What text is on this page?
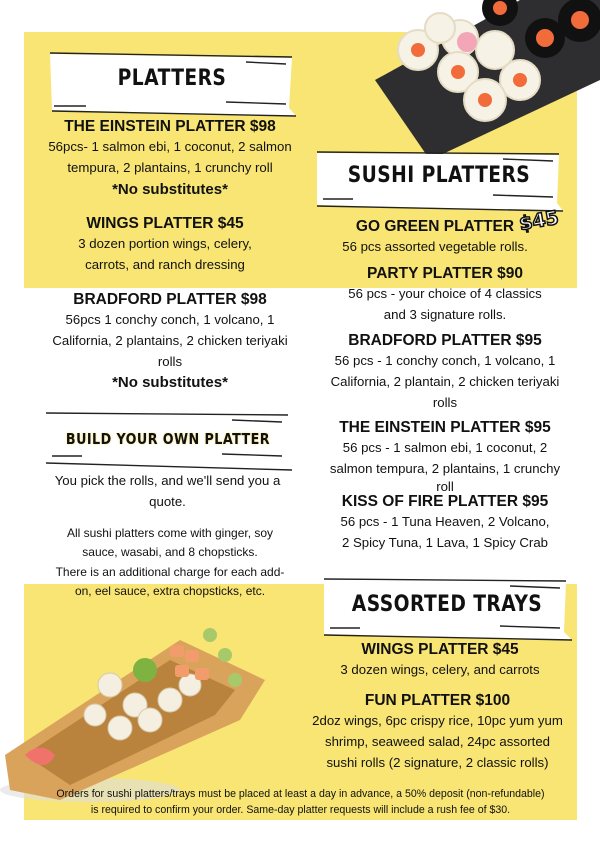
PLATTERS
SUSHI PLATTERS
$45
BUILD YOUR OWN PLATTER
ASSORTED TRAYS
THE EINSTEIN PLATTER $98
56pcs- 1 salmon ebi, 1 coconut, 2 salmon
tempura, 2 plantains, 1 crunchy roll
*No substitutes*
WINGS PLATTER $45
3 dozen portion wings, celery,
carrots, and ranch dressing
BRADFORD PLATTER $98
56pcs 1 conchy conch, 1 volcano, 1
California, 2 plantains, 2 chicken teriyaki
rolls
*No substitutes*
You pick the rolls, and we'll send you a
quote.
All sushi platters come with ginger, soy
sauce, wasabi, and 8 chopsticks.
There is an additional charge for each add-
on, eel sauce, extra chopsticks, etc.
GO GREEN PLATTER
56 pcs assorted vegetable rolls.
PARTY PLATTER $90
56 pcs - your choice of 4 classics
and 3 signature rolls.
BRADFORD PLATTER $95
56 pcs - 1 conchy conch, 1 volcano, 1
California, 2 plantain, 2 chicken teriyaki
rolls
THE EINSTEIN PLATTER $95
56 pcs - 1 salmon ebi, 1 coconut, 2
salmon tempura, 2 plantains, 1 crunchy
roll
KISS OF FIRE PLATTER $95
56 pcs - 1 Tuna Heaven, 2 Volcano,
2 Spicy Tuna, 1 Lava, 1 Spicy Crab
WINGS PLATTER $45
3 dozen wings, celery, and carrots
FUN PLATTER $100
2doz wings, 6pc crispy rice, 10pc yum yum
shrimp, seaweed salad, 24pc assorted
sushi rolls (2 signature, 2 classic rolls)
Orders for sushi platters/trays must be placed at least a day in advance, a 50% deposit (non-refundable)
is required to confirm your order. Same-day platter requests will include a rush fee of $30.
